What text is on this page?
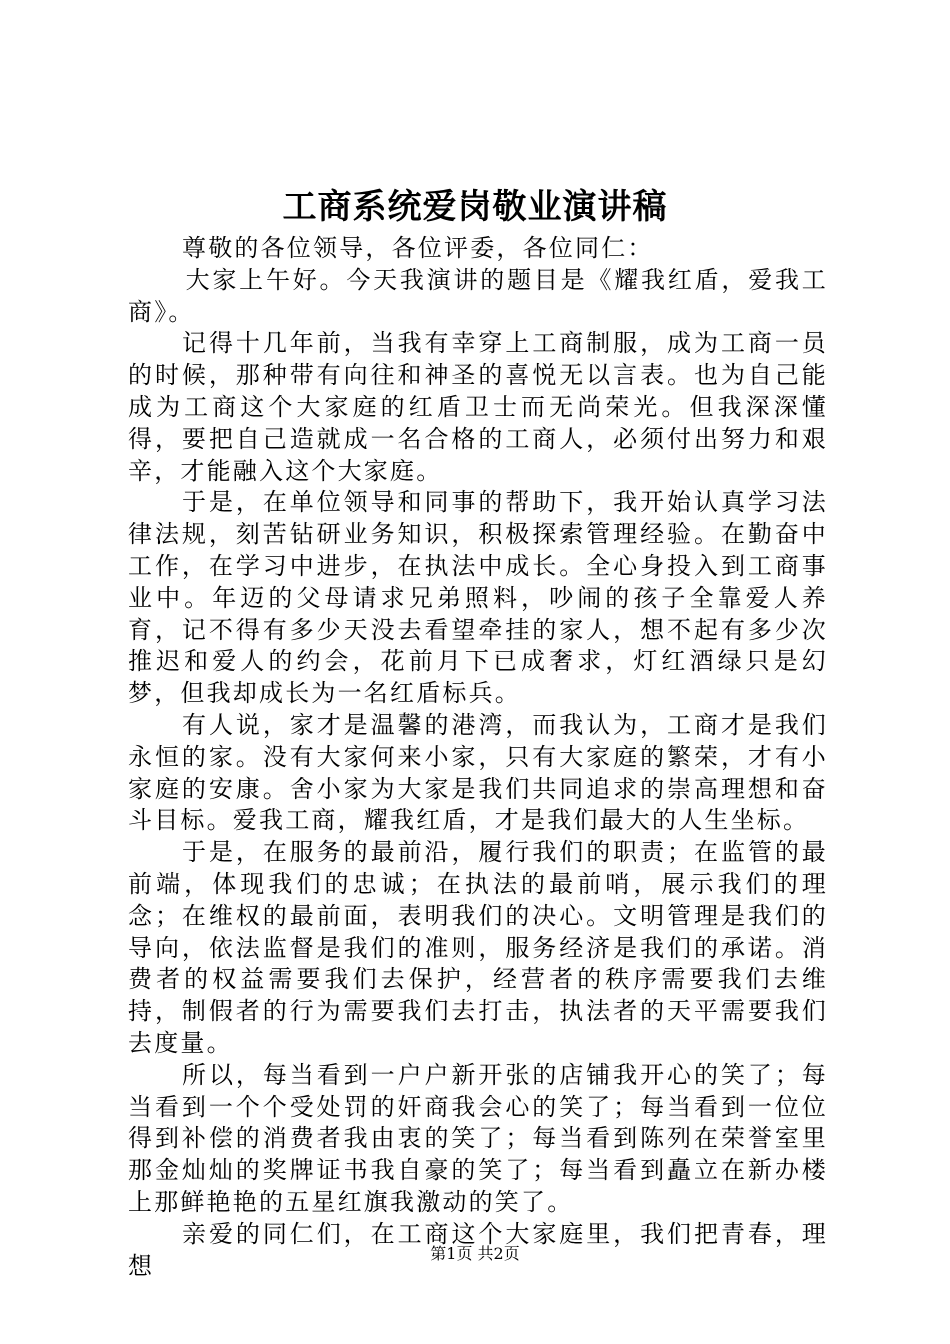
工商系统爱岗敬业演讲稿

尊敬的各位领导，各位评委，各位同仁：

大家上午好。今天我演讲的题目是《耀我红盾，爱我工商》。

记得十几年前，当我有幸穿上工商制服，成为工商一员的时候，那种带有向往和神圣的喜悦无以言表。也为自己能成为工商这个大家庭的红盾卫士而无尚荣光。但我深深懂得，要把自己造就成一名合格的工商人，必须付出努力和艰辛，才能融入这个大家庭。

于是，在单位领导和同事的帮助下，我开始认真学习法律法规，刻苦钻研业务知识，积极探索管理经验。在勤奋中工作，在学习中进步，在执法中成长。全心身投入到工商事业中。年迈的父母请求兄弟照料，吵闹的孩子全靠爱人养育，记不得有多少天没去看望牵挂的家人，想不起有多少次推迟和爱人的约会，花前月下已成奢求，灯红酒绿只是幻梦，但我却成长为一名红盾标兵。

有人说，家才是温馨的港湾，而我认为，工商才是我们永恒的家。没有大家何来小家，只有大家庭的繁荣，才有小家庭的安康。舍小家为大家是我们共同追求的崇高理想和奋斗目标。爱我工商，耀我红盾，才是我们最大的人生坐标。

于是，在服务的最前沿，履行我们的职责；在监管的最前端，体现我们的忠诚；在执法的最前哨，展示我们的理念；在维权的最前面，表明我们的决心。文明管理是我们的导向，依法监督是我们的准则，服务经济是我们的承诺。消费者的权益需要我们去保护，经营者的秩序需要我们去维持，制假者的行为需要我们去打击，执法者的天平需要我们去度量。

所以，每当看到一户户新开张的店铺我开心的笑了；每当看到一个个受处罚的奸商我会心的笑了；每当看到一位位得到补偿的消费者我由衷的笑了；每当看到陈列在荣誉室里那金灿灿的奖牌证书我自豪的笑了；每当看到矗立在新办楼上那鲜艳艳的五星红旗我激动的笑了。

亲爱的同仁们，在工商这个大家庭里，我们把青春，理想	第1页 共2页
